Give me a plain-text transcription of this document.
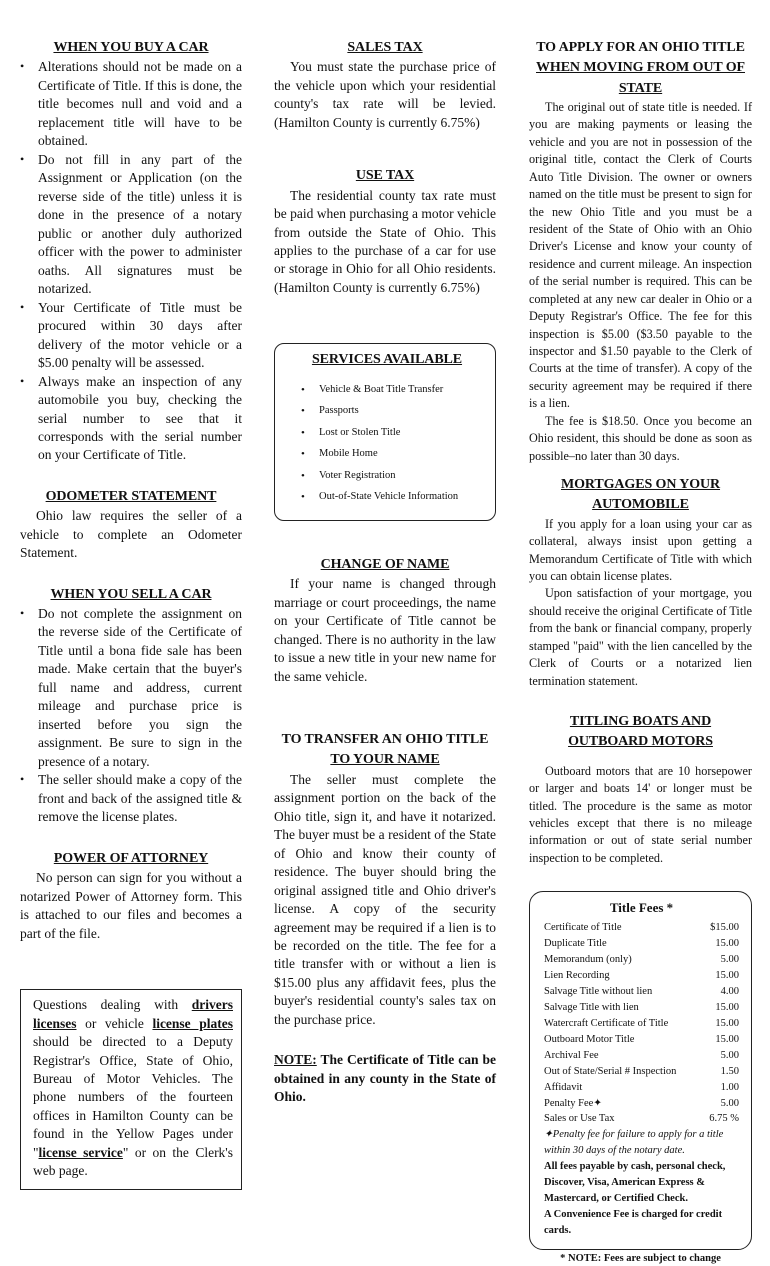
WHEN YOU BUY A CAR
• Alterations should not be made on a Certificate of Title. If this is done, the title becomes null and void and a replacement title will have to be obtained.
• Do not fill in any part of the Assignment or Application (on the reverse side of the title) unless it is done in the presence of a notary public or another duly authorized officer with the power to administer oaths. All signatures must be notarized.
• Your Certificate of Title must be procured within 30 days after delivery of the motor vehicle or a $5.00 penalty will be assessed.
• Always make an inspection of any automobile you buy, checking the serial number to see that it corresponds with the serial number on your Certificate of Title.
ODOMETER STATEMENT

Ohio law requires the seller of a vehicle to complete an Odometer Statement.

WHEN YOU SELL A CAR
• Do not complete the assignment on the reverse side of the Certificate of Title until a bona fide sale has been made. Make certain that the buyer's full name and address, current mileage and purchase price is inserted before you sign the assignment. Be sure to sign in the presence of a notary.
• The seller should make a copy of the front and back of the assigned title & remove the license plates.
POWER OF ATTORNEY

No person can sign for you without a notarized Power of Attorney form. This is attached to our files and becomes a part of the file.

Questions dealing with drivers licenses or vehicle license plates should be directed to a Deputy Registrar's Office, State of Ohio, Bureau of Motor Vehicles. The phone numbers of the fourteen offices in Hamilton County can be found in the Yellow Pages under "license service" or on the Clerk's web page.
SALES TAX

You must state the purchase price of the vehicle upon which your residential county's tax rate will be levied. (Hamilton County is currently 6.75%)

USE TAX

The residential county tax rate must be paid when purchasing a motor vehicle from outside the State of Ohio. This applies to the purchase of a car for use or storage in Ohio for all Ohio residents. (Hamilton County is currently 6.75%)

SERVICES AVAILABLE
• Vehicle & Boat Title Transfer
• Passports
• Lost or Stolen Title
• Mobile Home
• Voter Registration
• Out-of-State Vehicle Information
CHANGE OF NAME

If your name is changed through marriage or court proceedings, the name on your Certificate of Title cannot be changed. There is no authority in the law to issue a new title in your new name for the same vehicle.

TO TRANSFER AN OHIO TITLE
TO YOUR NAME

The seller must complete the assignment portion on the back of the Ohio title, sign it, and have it notarized. The buyer must be a resident of the State of Ohio and know their county of residence. The buyer should bring the original assigned title and Ohio driver's license. A copy of the security agreement may be required if a lien is to be recorded on the title. The fee for a title transfer with or without a lien is $15.00 plus any affidavit fees, plus the buyer's residential county's sales tax on the purchase price.

NOTE: The Certificate of Title can be obtained in any county in the State of Ohio.

TO APPLY FOR AN OHIO TITLE
WHEN MOVING FROM OUT OF STATE

The original out of state title is needed. If you are making payments or leasing the vehicle and you are not in possession of the original title, contact the Clerk of Courts Auto Title Division. The owner or owners named on the title must be present to sign for the new Ohio Title and you must be a resident of the State of Ohio with an Ohio Driver's License and know your county of residence and current mileage. An inspection of the serial number is required. This can be completed at any new car dealer in Ohio or a Deputy Registrar's Office. The fee for this inspection is $5.00 ($3.50 payable to the inspector and $1.50 payable to the Clerk of Courts at the time of transfer). A copy of the security agreement may be required if there is a lien.

The fee is $18.50. Once you become an Ohio resident, this should be done as soon as possible–no later than 30 days.

MORTGAGES ON YOUR AUTOMOBILE

If you apply for a loan using your car as collateral, always insist upon getting a Memorandum Certificate of Title with which you can obtain license plates.

Upon satisfaction of your mortgage, you should receive the original Certificate of Title from the bank or financial company, properly stamped "paid" with the lien cancelled by the Clerk of Courts or a notarized lien termination statement.

TITLING BOATS AND
OUTBOARD MOTORS

Outboard motors that are 10 horsepower or larger and boats 14' or longer must be titled. The procedure is the same as motor vehicles except that there is no mileage information or out of state serial number inspection to be completed.

Title Fees *
Certificate of Title	$15.00
Duplicate Title	15.00
Memorandum (only)	5.00
Lien Recording	15.00
Salvage Title without lien	4.00
Salvage Title with lien	15.00
Watercraft Certificate of Title	15.00
Outboard Motor Title	15.00
Archival Fee	5.00
Out of State/Serial # Inspection	1.50
Affidavit	1.00
Penalty Fee✦	5.00
Sales or Use Tax	6.75 %
✦Penalty fee for failure to apply for a title within 30 days of the notary date.
All fees payable by cash, personal check, Discover, Visa, American Express & Mastercard, or Certified Check.
A Convenience Fee is charged for credit cards.
* NOTE: Fees are subject to change
